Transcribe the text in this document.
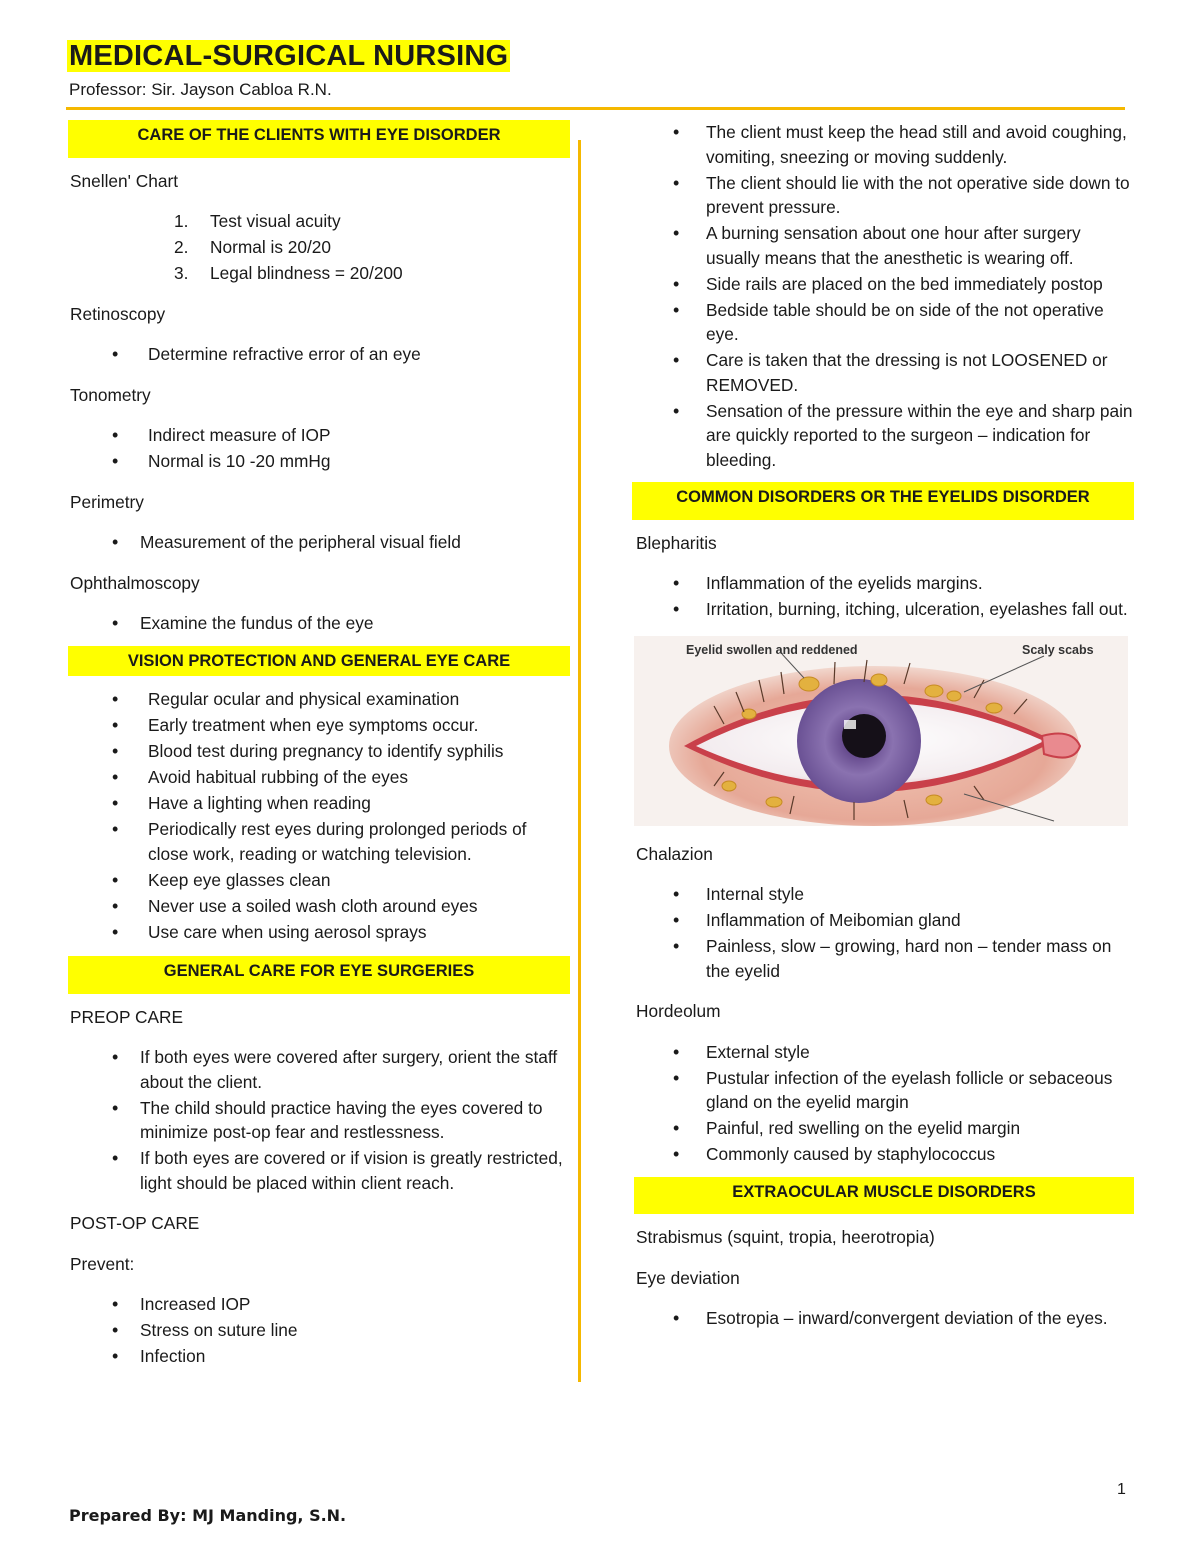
MEDICAL-SURGICAL NURSING
Professor: Sir. Jayson Cabloa R.N.
CARE OF THE CLIENTS WITH EYE DISORDER
Snellen' Chart
1. Test visual acuity
2. Normal is 20/20
3. Legal blindness = 20/200
Retinoscopy
• Determine refractive error of an eye
Tonometry
• Indirect measure of IOP
• Normal is 10 -20 mmHg
Perimetry
• Measurement of the peripheral visual field
Ophthalmoscopy
• Examine the fundus of the eye
VISION PROTECTION AND GENERAL EYE CARE
• Regular ocular and physical examination
• Early treatment when eye symptoms occur.
• Blood test during pregnancy to identify syphilis
• Avoid habitual rubbing of the eyes
• Have a lighting when reading
• Periodically rest eyes during prolonged periods of close work, reading or watching television.
• Keep eye glasses clean
• Never use a soiled wash cloth around eyes
• Use care when using aerosol sprays
GENERAL CARE FOR EYE SURGERIES
PREOP CARE
• If both eyes were covered after surgery, orient the staff about the client.
• The child should practice having the eyes covered to minimize post-op fear and restlessness.
• If both eyes are covered or if vision is greatly restricted, light should be placed within client reach.
POST-OP CARE
Prevent:
• Increased IOP
• Stress on suture line
• Infection
• The client must keep the head still and avoid coughing, vomiting, sneezing or moving suddenly.
• The client should lie with the not operative side down to prevent pressure.
• A burning sensation about one hour after surgery usually means that the anesthetic is wearing off.
• Side rails are placed on the bed immediately postop
• Bedside table should be on side of the not operative eye.
• Care is taken that the dressing is not LOOSENED or REMOVED.
• Sensation of the pressure within the eye and sharp pain are quickly reported to the surgeon – indication for bleeding.
COMMON DISORDERS OR THE EYELIDS DISORDER
Blepharitis
• Inflammation of the eyelids margins.
• Irritation, burning, itching, ulceration, eyelashes fall out.
Eyelid swollen and reddened	Scaly scabs
Chalazion
• Internal style
• Inflammation of Meibomian gland
• Painless, slow – growing, hard non – tender mass on the eyelid
Hordeolum
• External style
• Pustular infection of the eyelash follicle or sebaceous gland on the eyelid margin
• Painful, red swelling on the eyelid margin
• Commonly caused by staphylococcus
EXTRAOCULAR MUSCLE DISORDERS
Strabismus (squint, tropia, heerotropia)
Eye deviation
• Esotropia – inward/convergent deviation of the eyes.
1
Prepared By: MJ Manding, S.N.
